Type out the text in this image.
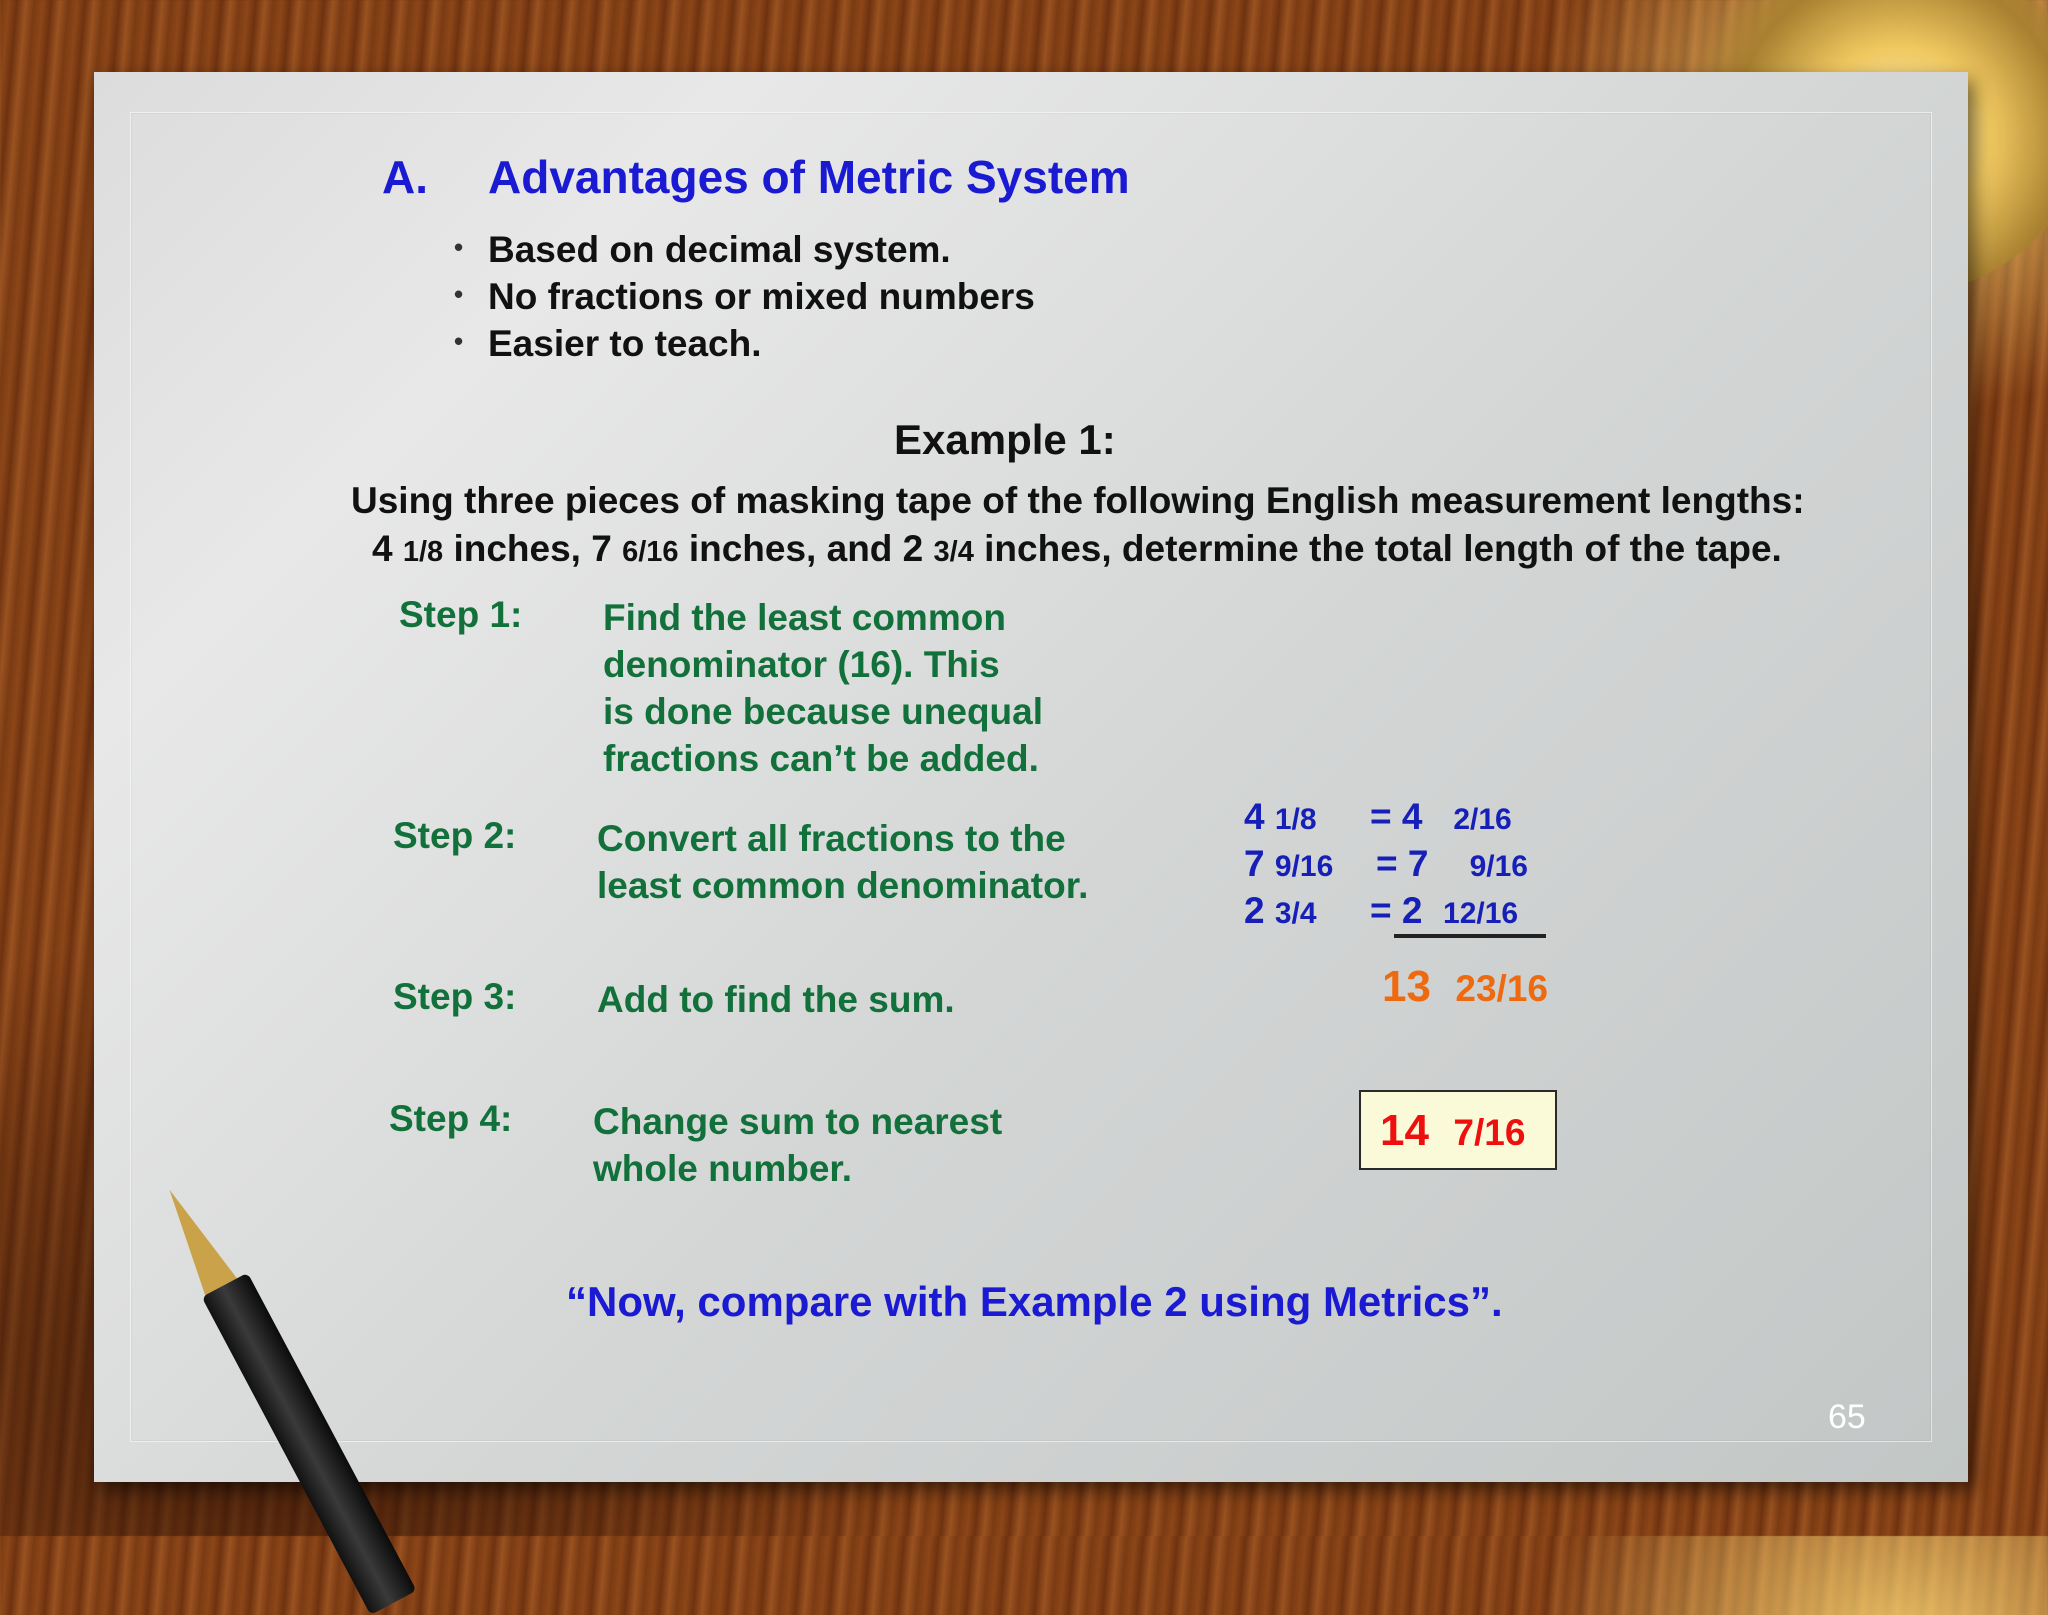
A. Advantages of Metric System
• Based on decimal system.
• No fractions or mixed numbers
• Easier to teach.
Example 1:
Using three pieces of masking tape of the following English measurement lengths:
4 1/8 inches, 7 6/16 inches, and 2 3/4 inches, determine the total length of the tape.
Step 1: Find the least common
denominator (16). This
is done because unequal
fractions can’t be added.
Step 2: Convert all fractions to the
least common denominator.
Step 3: Add to find the sum.
Step 4: Change sum to nearest
whole number.
4 1/8 = 4 2/16
7 9/16 = 7 9/16
2 3/4 = 2 12/16
13 23/16
14 7/16
“Now, compare with Example 2 using Metrics”.
65
